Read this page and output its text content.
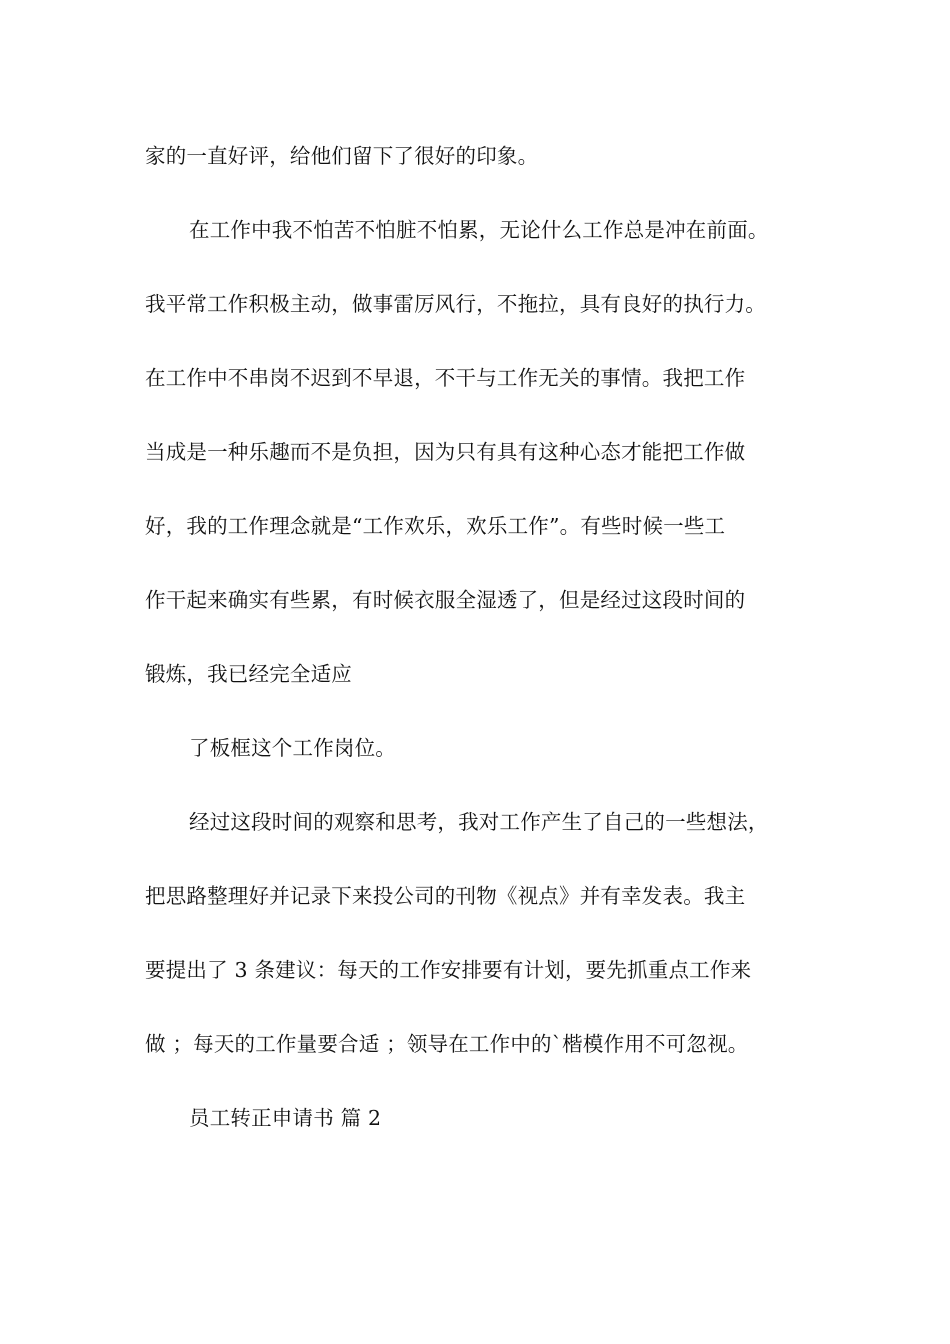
家的一直好评，给他们留下了很好的印象。
在工作中我不怕苦不怕脏不怕累，无论什么工作总是冲在前面。
我平常工作积极主动，做事雷厉风行，不拖拉，具有良好的执行力。
在工作中不串岗不迟到不早退，不干与工作无关的事情。我把工作
当成是一种乐趣而不是负担，因为只有具有这种心态才能把工作做
好，我的工作理念就是“工作欢乐，欢乐工作”。有些时候一些工
作干起来确实有些累，有时候衣服全湿透了，但是经过这段时间的
锻炼，我已经完全适应
了板框这个工作岗位。
经过这段时间的观察和思考，我对工作产生了自己的一些想法，
把思路整理好并记录下来投公司的刊物《视点》并有幸发表。我主
要提出了 3 条建议：每天的工作安排要有计划，要先抓重点工作来
做 ；每天的工作量要合适 ；领导在工作中的`楷模作用不可忽视。
员工转正申请书 篇 2
